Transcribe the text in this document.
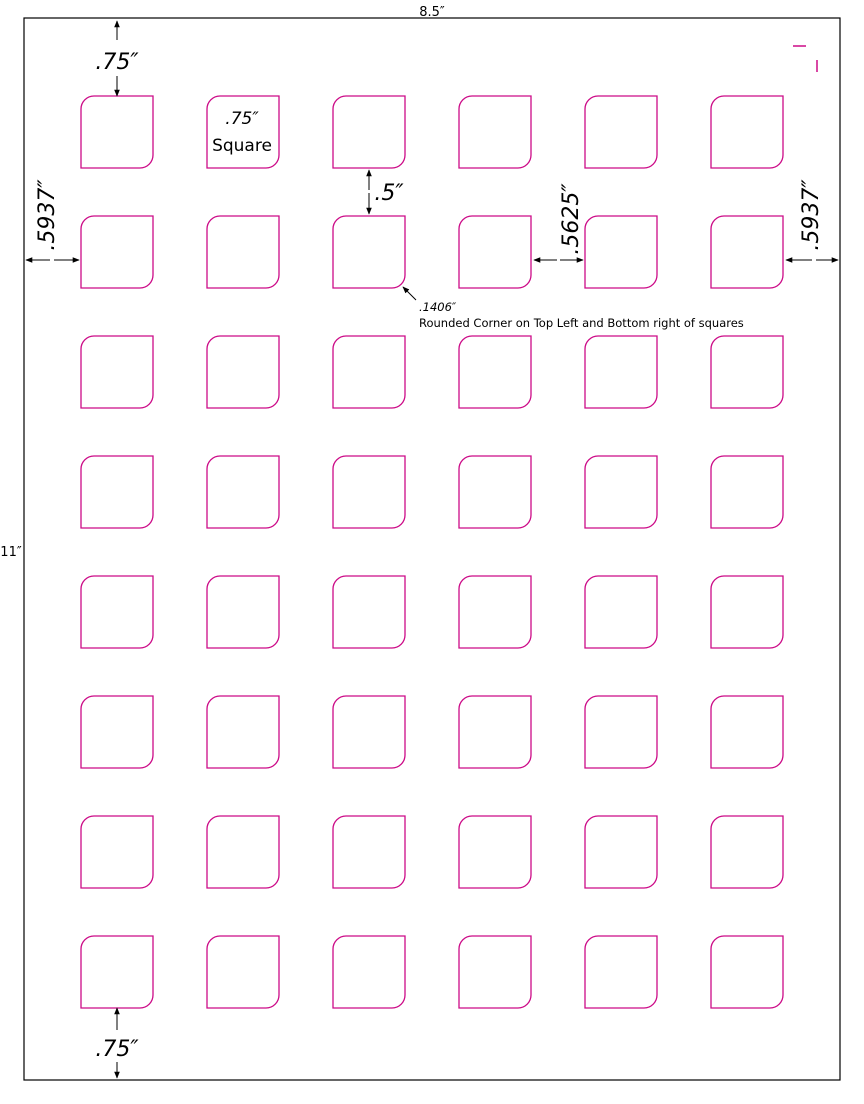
8.5″
11″
.75″
.75″
.5937″	.5937″
.5625″
.5″
.75″
Square
.1406″
Rounded Corner on Top Left and Bottom right of squares
